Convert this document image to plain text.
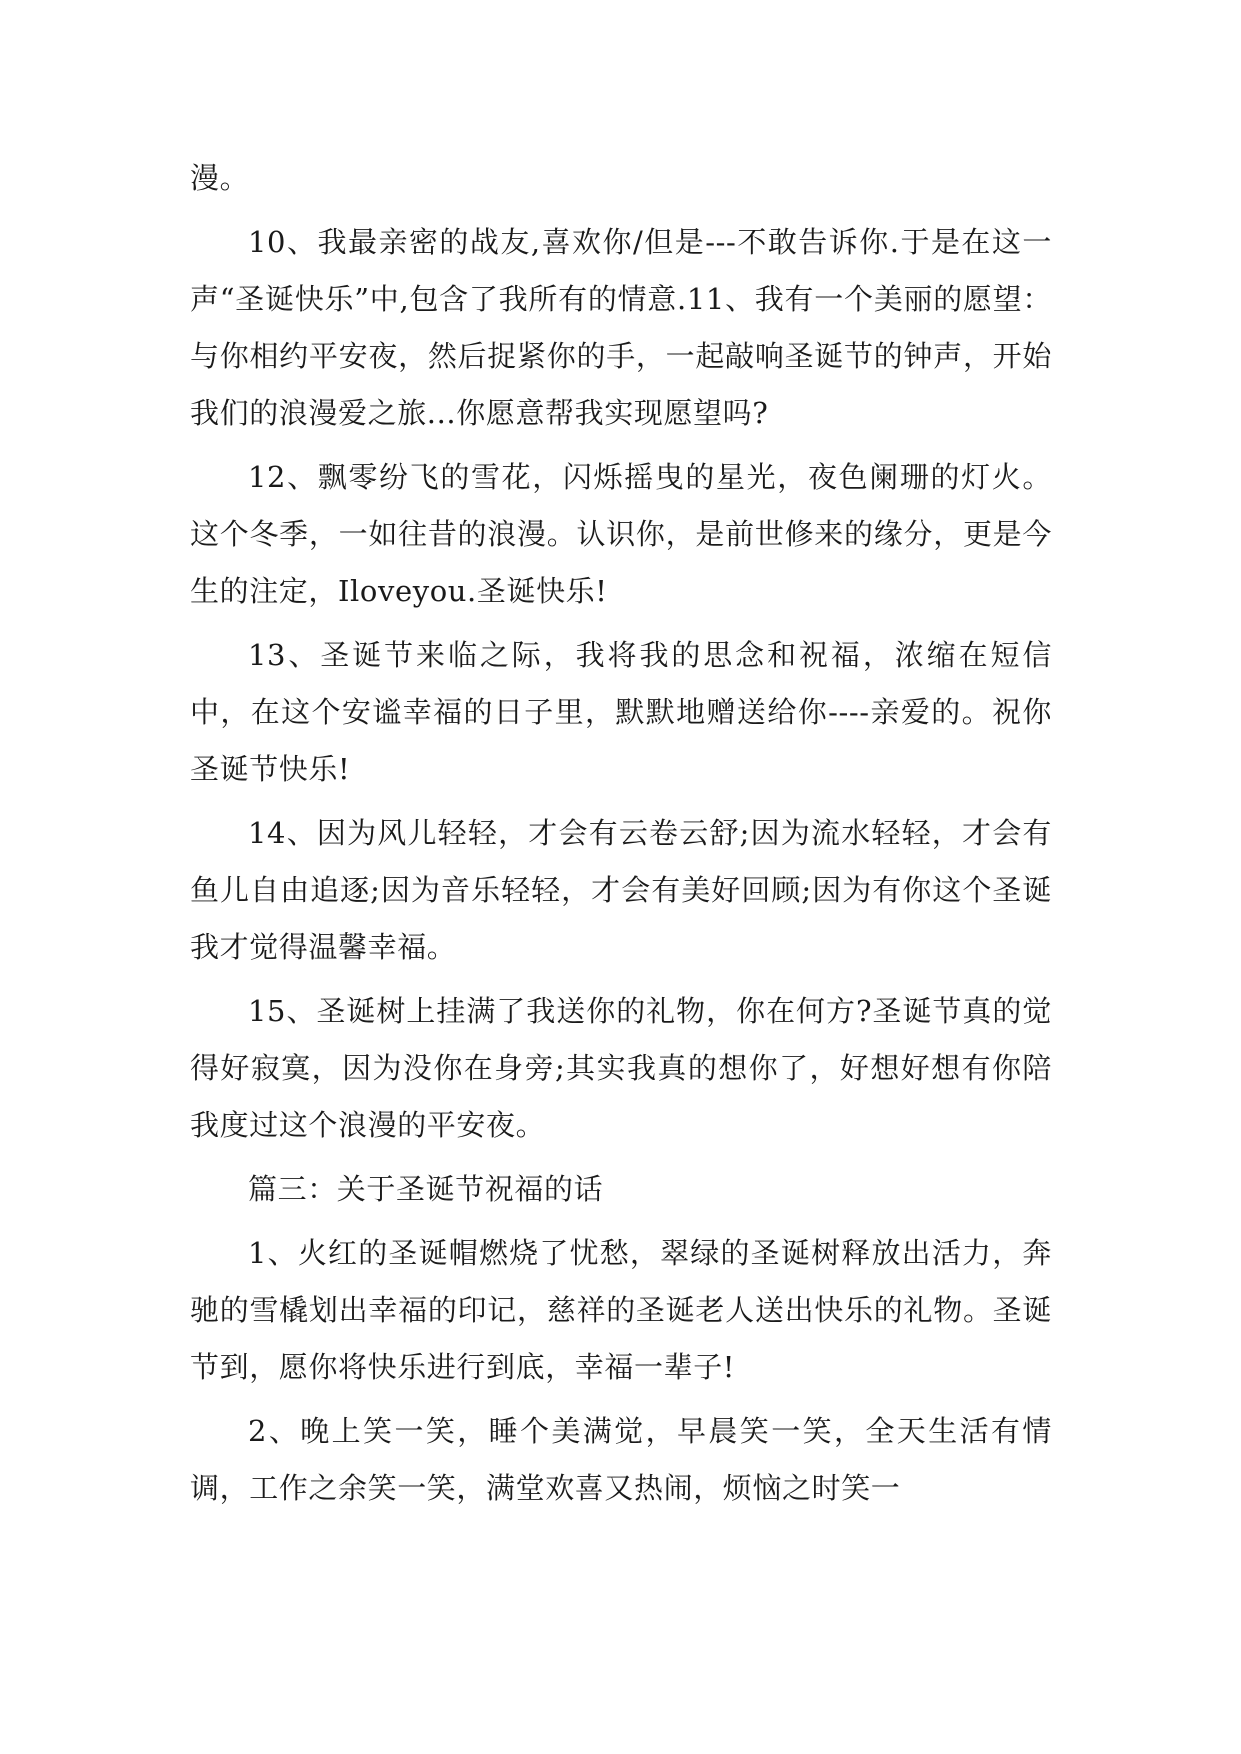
漫。

10、我最亲密的战友,喜欢你/但是---不敢告诉你.于是在这一声“圣诞快乐”中,包含了我所有的情意.11、我有一个美丽的愿望：与你相约平安夜，然后捉紧你的手，一起敲响圣诞节的钟声，开始我们的浪漫爱之旅...你愿意帮我实现愿望吗?

12、飘零纷飞的雪花，闪烁摇曳的星光，夜色阑珊的灯火。这个冬季，一如往昔的浪漫。认识你，是前世修来的缘分，更是今生的注定，Iloveyou.圣诞快乐!

13、圣诞节来临之际，我将我的思念和祝福，浓缩在短信中，在这个安谧幸福的日子里，默默地赠送给你----亲爱的。祝你圣诞节快乐!

14、因为风儿轻轻，才会有云卷云舒;因为流水轻轻，才会有鱼儿自由追逐;因为音乐轻轻，才会有美好回顾;因为有你这个圣诞我才觉得温馨幸福。

15、圣诞树上挂满了我送你的礼物，你在何方?圣诞节真的觉得好寂寞，因为没你在身旁;其实我真的想你了，好想好想有你陪我度过这个浪漫的平安夜。

篇三：关于圣诞节祝福的话

1、火红的圣诞帽燃烧了忧愁，翠绿的圣诞树释放出活力，奔驰的雪橇划出幸福的印记，慈祥的圣诞老人送出快乐的礼物。圣诞节到，愿你将快乐进行到底，幸福一辈子!

2、晚上笑一笑，睡个美满觉，早晨笑一笑，全天生活有情调，工作之余笑一笑，满堂欢喜又热闹，烦恼之时笑一
